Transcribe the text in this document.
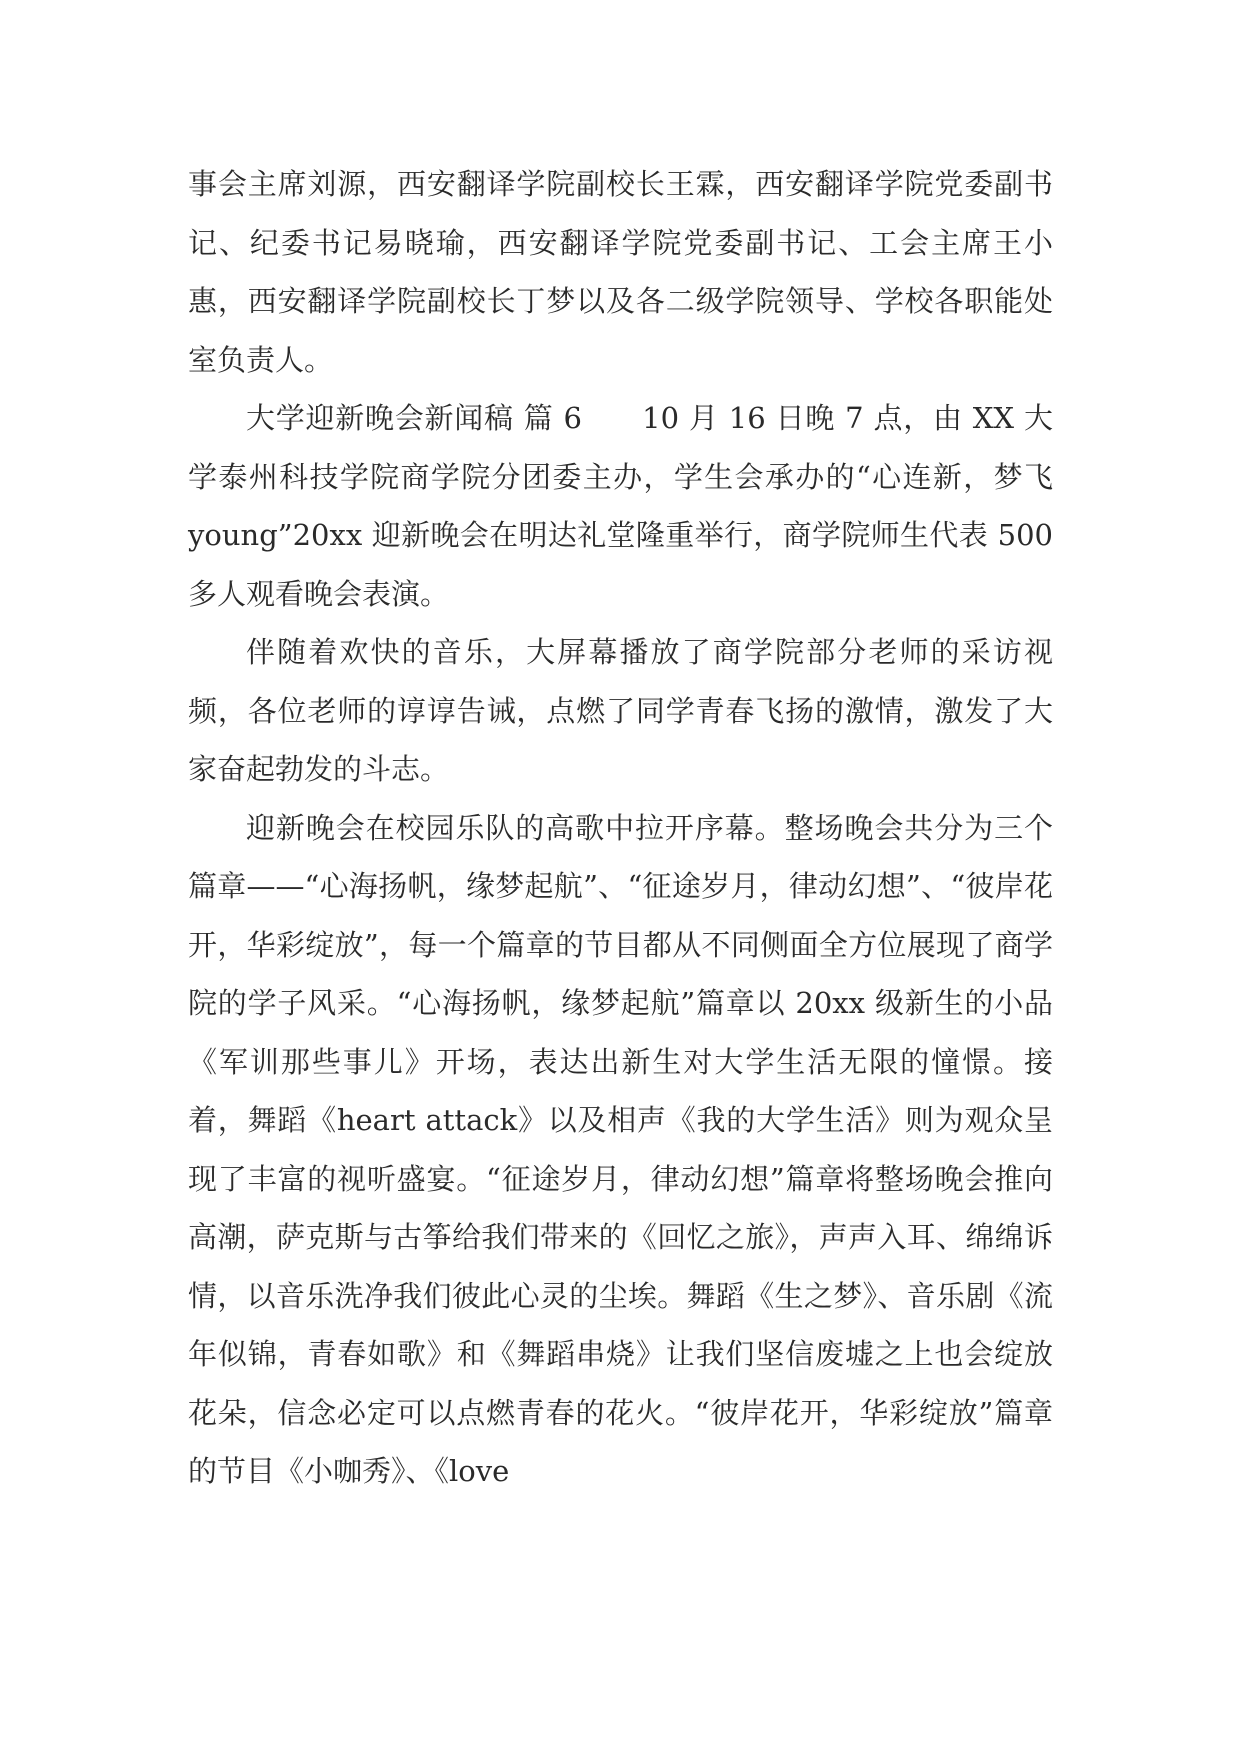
事会主席刘源，西安翻译学院副校长王霖，西安翻译学院党委副书记、纪委书记易晓瑜，西安翻译学院党委副书记、工会主席王小惠，西安翻译学院副校长丁梦以及各二级学院领导、学校各职能处室负责人。

大学迎新晚会新闻稿 篇 6　　10 月 16 日晚 7 点，由 XX 大学泰州科技学院商学院分团委主办，学生会承办的“心连新，梦飞 young”20xx 迎新晚会在明达礼堂隆重举行，商学院师生代表 500 多人观看晚会表演。

伴随着欢快的音乐，大屏幕播放了商学院部分老师的采访视频，各位老师的谆谆告诫，点燃了同学青春飞扬的激情，激发了大家奋起勃发的斗志。

迎新晚会在校园乐队的高歌中拉开序幕。整场晚会共分为三个篇章——“心海扬帆，缘梦起航”、“征途岁月，律动幻想”、“彼岸花开，华彩绽放”，每一个篇章的节目都从不同侧面全方位展现了商学院的学子风采。“心海扬帆，缘梦起航”篇章以 20xx 级新生的小品《军训那些事儿》开场，表达出新生对大学生活无限的憧憬。接着，舞蹈《heart attack》以及相声《我的大学生活》则为观众呈现了丰富的视听盛宴。“征途岁月，律动幻想”篇章将整场晚会推向高潮，萨克斯与古筝给我们带来的《回忆之旅》，声声入耳、绵绵诉情，以音乐洗净我们彼此心灵的尘埃。舞蹈《生之梦》、音乐剧《流年似锦，青春如歌》和《舞蹈串烧》让我们坚信废墟之上也会绽放花朵，信念必定可以点燃青春的花火。“彼岸花开，华彩绽放”篇章的节目《小咖秀》、《love
